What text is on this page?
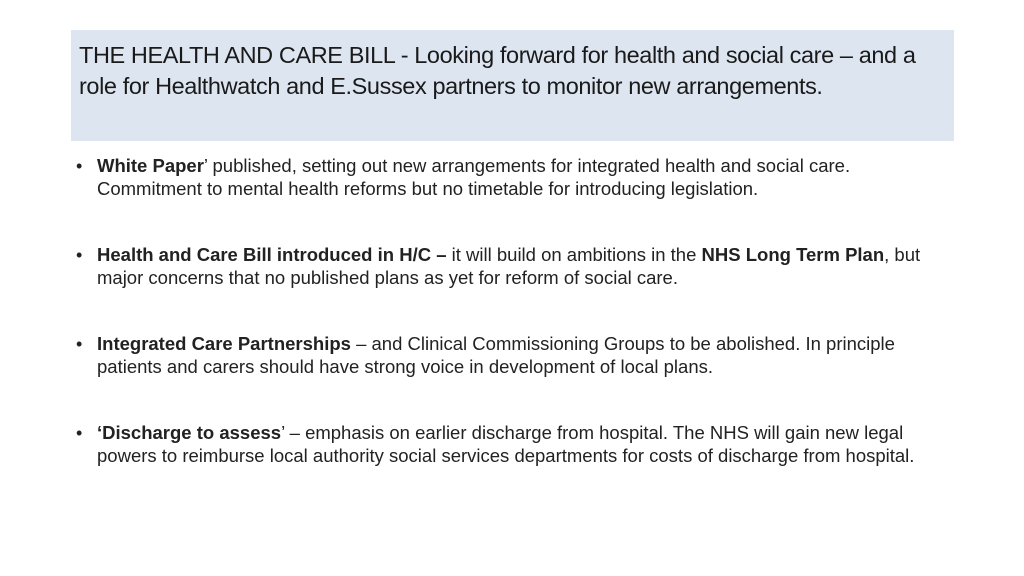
THE HEALTH AND CARE BILL - Looking forward for health and social care – and a role for Healthwatch and E.Sussex partners to monitor new arrangements.
• White Paper’ published, setting out new arrangements for integrated health and social care. Commitment to mental health reforms but no timetable for introducing legislation.
• Health and Care Bill introduced in H/C – it will build on ambitions in the NHS Long Term Plan, but major concerns that no published plans as yet for reform of social care.
• Integrated Care Partnerships – and Clinical Commissioning Groups to be abolished. In principle patients and carers should have strong voice in development of local plans.
• ‘Discharge to assess’ – emphasis on earlier discharge from hospital. The NHS will gain new legal powers to reimburse local authority social services departments for costs of discharge from hospital.
